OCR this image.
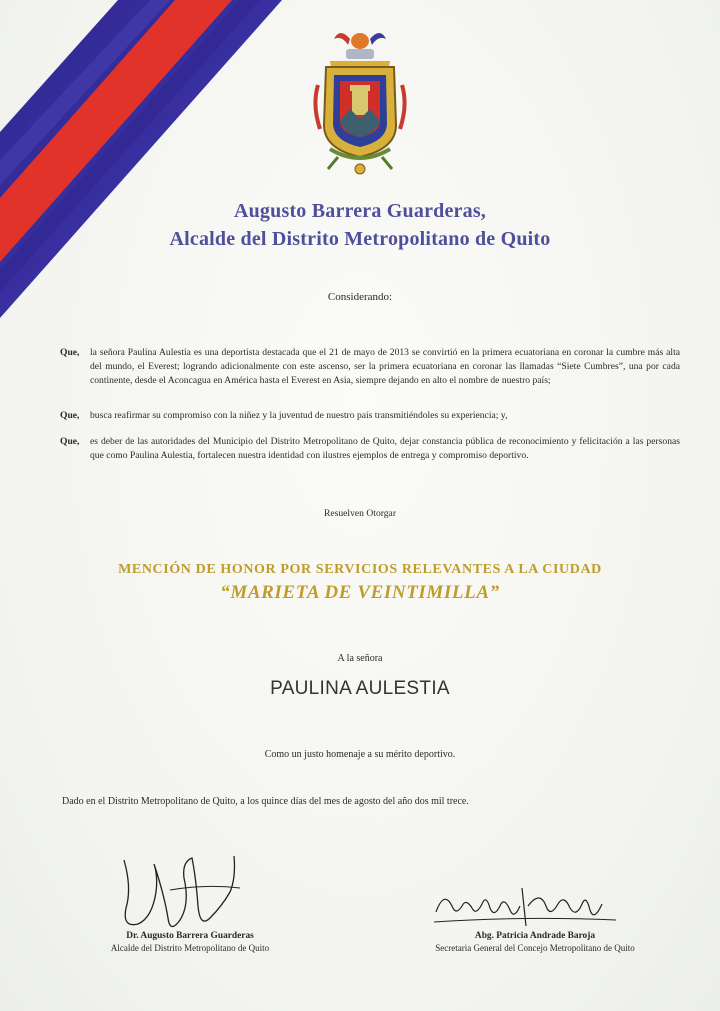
Augusto Barrera Guarderas,
Alcalde del Distrito Metropolitano de Quito
Considerando:
Que, la señora Paulina Aulestia es una deportista destacada que el 21 de mayo de 2013 se convirtió en la primera ecuatoriana en coronar la cumbre más alta del mundo, el Everest; logrando adicionalmente con este ascenso, ser la primera ecuatoriana en coronar las llamadas “Siete Cumbres”, una por cada continente, desde el Aconcagua en América hasta el Everest en Asia, siempre dejando en alto el nombre de nuestro país;
Que, busca reafirmar su compromiso con la niñez y la juventud de nuestro país transmitiéndoles su experiencia; y,
Que, es deber de las autoridades del Municipio del Distrito Metropolitano de Quito, dejar constancia pública de reconocimiento y felicitación a las personas que como Paulina Aulestia, fortalecen nuestra identidad con ilustres ejemplos de entrega y compromiso deportivo.
Resuelven Otorgar
MENCIÓN DE HONOR POR SERVICIOS RELEVANTES A LA CIUDAD
“MARIETA DE VEINTIMILLA”
A la señora
PAULINA AULESTIA
Como un justo homenaje a su mérito deportivo.
Dado en el Distrito Metropolitano de Quito, a los quince días del mes de agosto del año dos mil trece.
Dr. Augusto Barrera Guarderas
Alcalde del Distrito Metropolitano de Quito
Abg. Patricia Andrade Baroja
Secretaria General del Concejo Metropolitano de Quito
